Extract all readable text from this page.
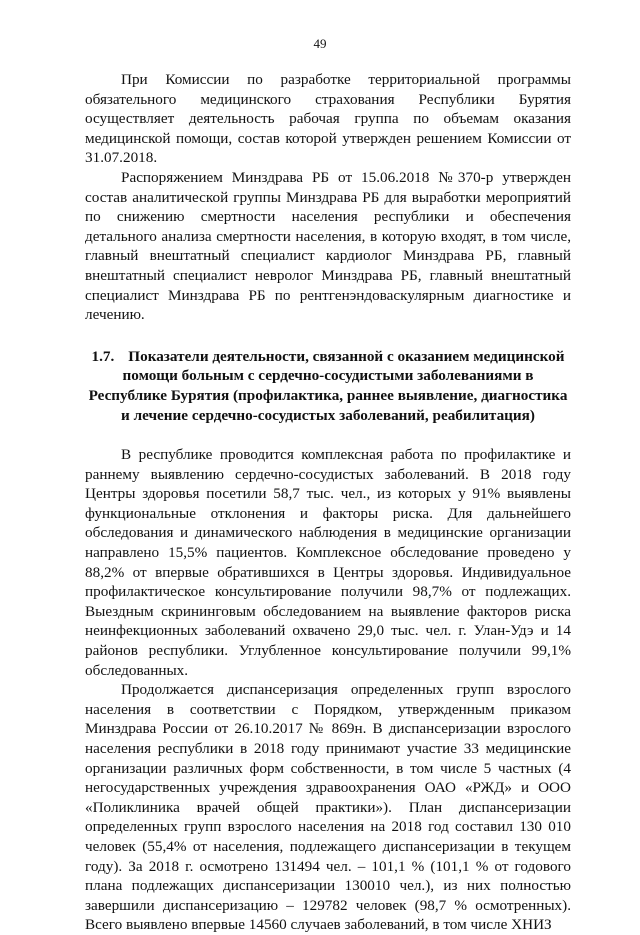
49

При Комиссии по разработке территориальной программы обязательного медицинского страхования Республики Бурятия осуществляет деятельность рабочая группа по объемам оказания медицинской помощи, состав которой утвержден решением Комиссии от 31.07.2018.

Распоряжением Минздрава РБ от 15.06.2018 №370-р утвержден состав аналитической группы Минздрава РБ для выработки мероприятий по снижению смертности населения республики и обеспечения детального анализа смертности населения, в которую входят, в том числе, главный внештатный специалист кардиолог Минздрава РБ, главный внештатный специалист невролог Минздрава РБ, главный внештатный специалист Минздрава РБ по рентгенэндоваскулярным диагностике и лечению.

1.7. Показатели деятельности, связанной с оказанием медицинской помощи больным с сердечно-сосудистыми заболеваниями в Республике Бурятия (профилактика, раннее выявление, диагностика и лечение сердечно-сосудистых заболеваний, реабилитация)

В республике проводится комплексная работа по профилактике и раннему выявлению сердечно-сосудистых заболеваний. В 2018 году Центры здоровья посетили 58,7 тыс. чел., из которых у 91% выявлены функциональные отклонения и факторы риска. Для дальнейшего обследования и динамического наблюдения в медицинские организации направлено 15,5% пациентов. Комплексное обследование проведено у 88,2% от впервые обратившихся в Центры здоровья. Индивидуальное профилактическое консультирование получили 98,7% от подлежащих. Выездным скрининговым обследованием на выявление факторов риска неинфекционных заболеваний охвачено 29,0 тыс. чел. г. Улан-Удэ и 14 районов республики. Углубленное консультирование получили 99,1% обследованных.

Продолжается диспансеризация определенных групп взрослого населения в соответствии с Порядком, утвержденным приказом Минздрава России от 26.10.2017 № 869н. В диспансеризации взрослого населения республики в 2018 году принимают участие 33 медицинские организации различных форм собственности, в том числе 5 частных (4 негосударственных учреждения здравоохранения ОАО «РЖД» и ООО «Поликлиника врачей общей практики»). План диспансеризации определенных групп взрослого населения на 2018 год составил 130 010 человек (55,4% от населения, подлежащего диспансеризации в текущем году). За 2018 г. осмотрено 131494 чел. – 101,1 % (101,1 % от годового плана подлежащих диспансеризации 130010 чел.), из них полностью завершили диспансеризацию – 129782 человек (98,7 % осмотренных). Всего выявлено впервые 14560 случаев заболеваний, в том числе ХНИЗ
